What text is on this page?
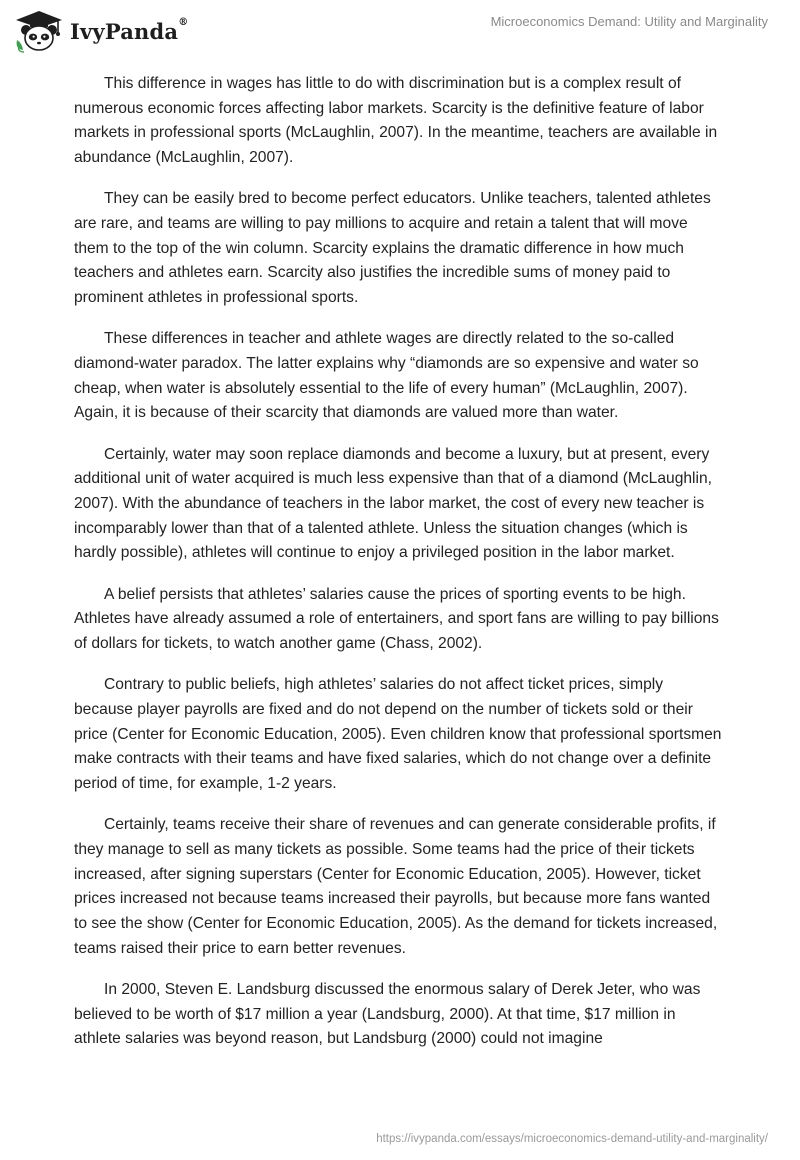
IvyPanda®	Microeconomics Demand: Utility and Marginality

This difference in wages has little to do with discrimination but is a complex result of numerous economic forces affecting labor markets. Scarcity is the definitive feature of labor markets in professional sports (McLaughlin, 2007). In the meantime, teachers are available in abundance (McLaughlin, 2007).

They can be easily bred to become perfect educators. Unlike teachers, talented athletes are rare, and teams are willing to pay millions to acquire and retain a talent that will move them to the top of the win column. Scarcity explains the dramatic difference in how much teachers and athletes earn. Scarcity also justifies the incredible sums of money paid to prominent athletes in professional sports.

These differences in teacher and athlete wages are directly related to the so-called diamond-water paradox. The latter explains why “diamonds are so expensive and water so cheap, when water is absolutely essential to the life of every human” (McLaughlin, 2007). Again, it is because of their scarcity that diamonds are valued more than water.

Certainly, water may soon replace diamonds and become a luxury, but at present, every additional unit of water acquired is much less expensive than that of a diamond (McLaughlin, 2007). With the abundance of teachers in the labor market, the cost of every new teacher is incomparably lower than that of a talented athlete. Unless the situation changes (which is hardly possible), athletes will continue to enjoy a privileged position in the labor market.

A belief persists that athletes’ salaries cause the prices of sporting events to be high. Athletes have already assumed a role of entertainers, and sport fans are willing to pay billions of dollars for tickets, to watch another game (Chass, 2002).

Contrary to public beliefs, high athletes’ salaries do not affect ticket prices, simply because player payrolls are fixed and do not depend on the number of tickets sold or their price (Center for Economic Education, 2005). Even children know that professional sportsmen make contracts with their teams and have fixed salaries, which do not change over a definite period of time, for example, 1-2 years.

Certainly, teams receive their share of revenues and can generate considerable profits, if they manage to sell as many tickets as possible. Some teams had the price of their tickets increased, after signing superstars (Center for Economic Education, 2005). However, ticket prices increased not because teams increased their payrolls, but because more fans wanted to see the show (Center for Economic Education, 2005). As the demand for tickets increased, teams raised their price to earn better revenues.

In 2000, Steven E. Landsburg discussed the enormous salary of Derek Jeter, who was believed to be worth of $17 million a year (Landsburg, 2000). At that time, $17 million in athlete salaries was beyond reason, but Landsburg (2000) could not imagine

https://ivypanda.com/essays/microeconomics-demand-utility-and-marginality/
